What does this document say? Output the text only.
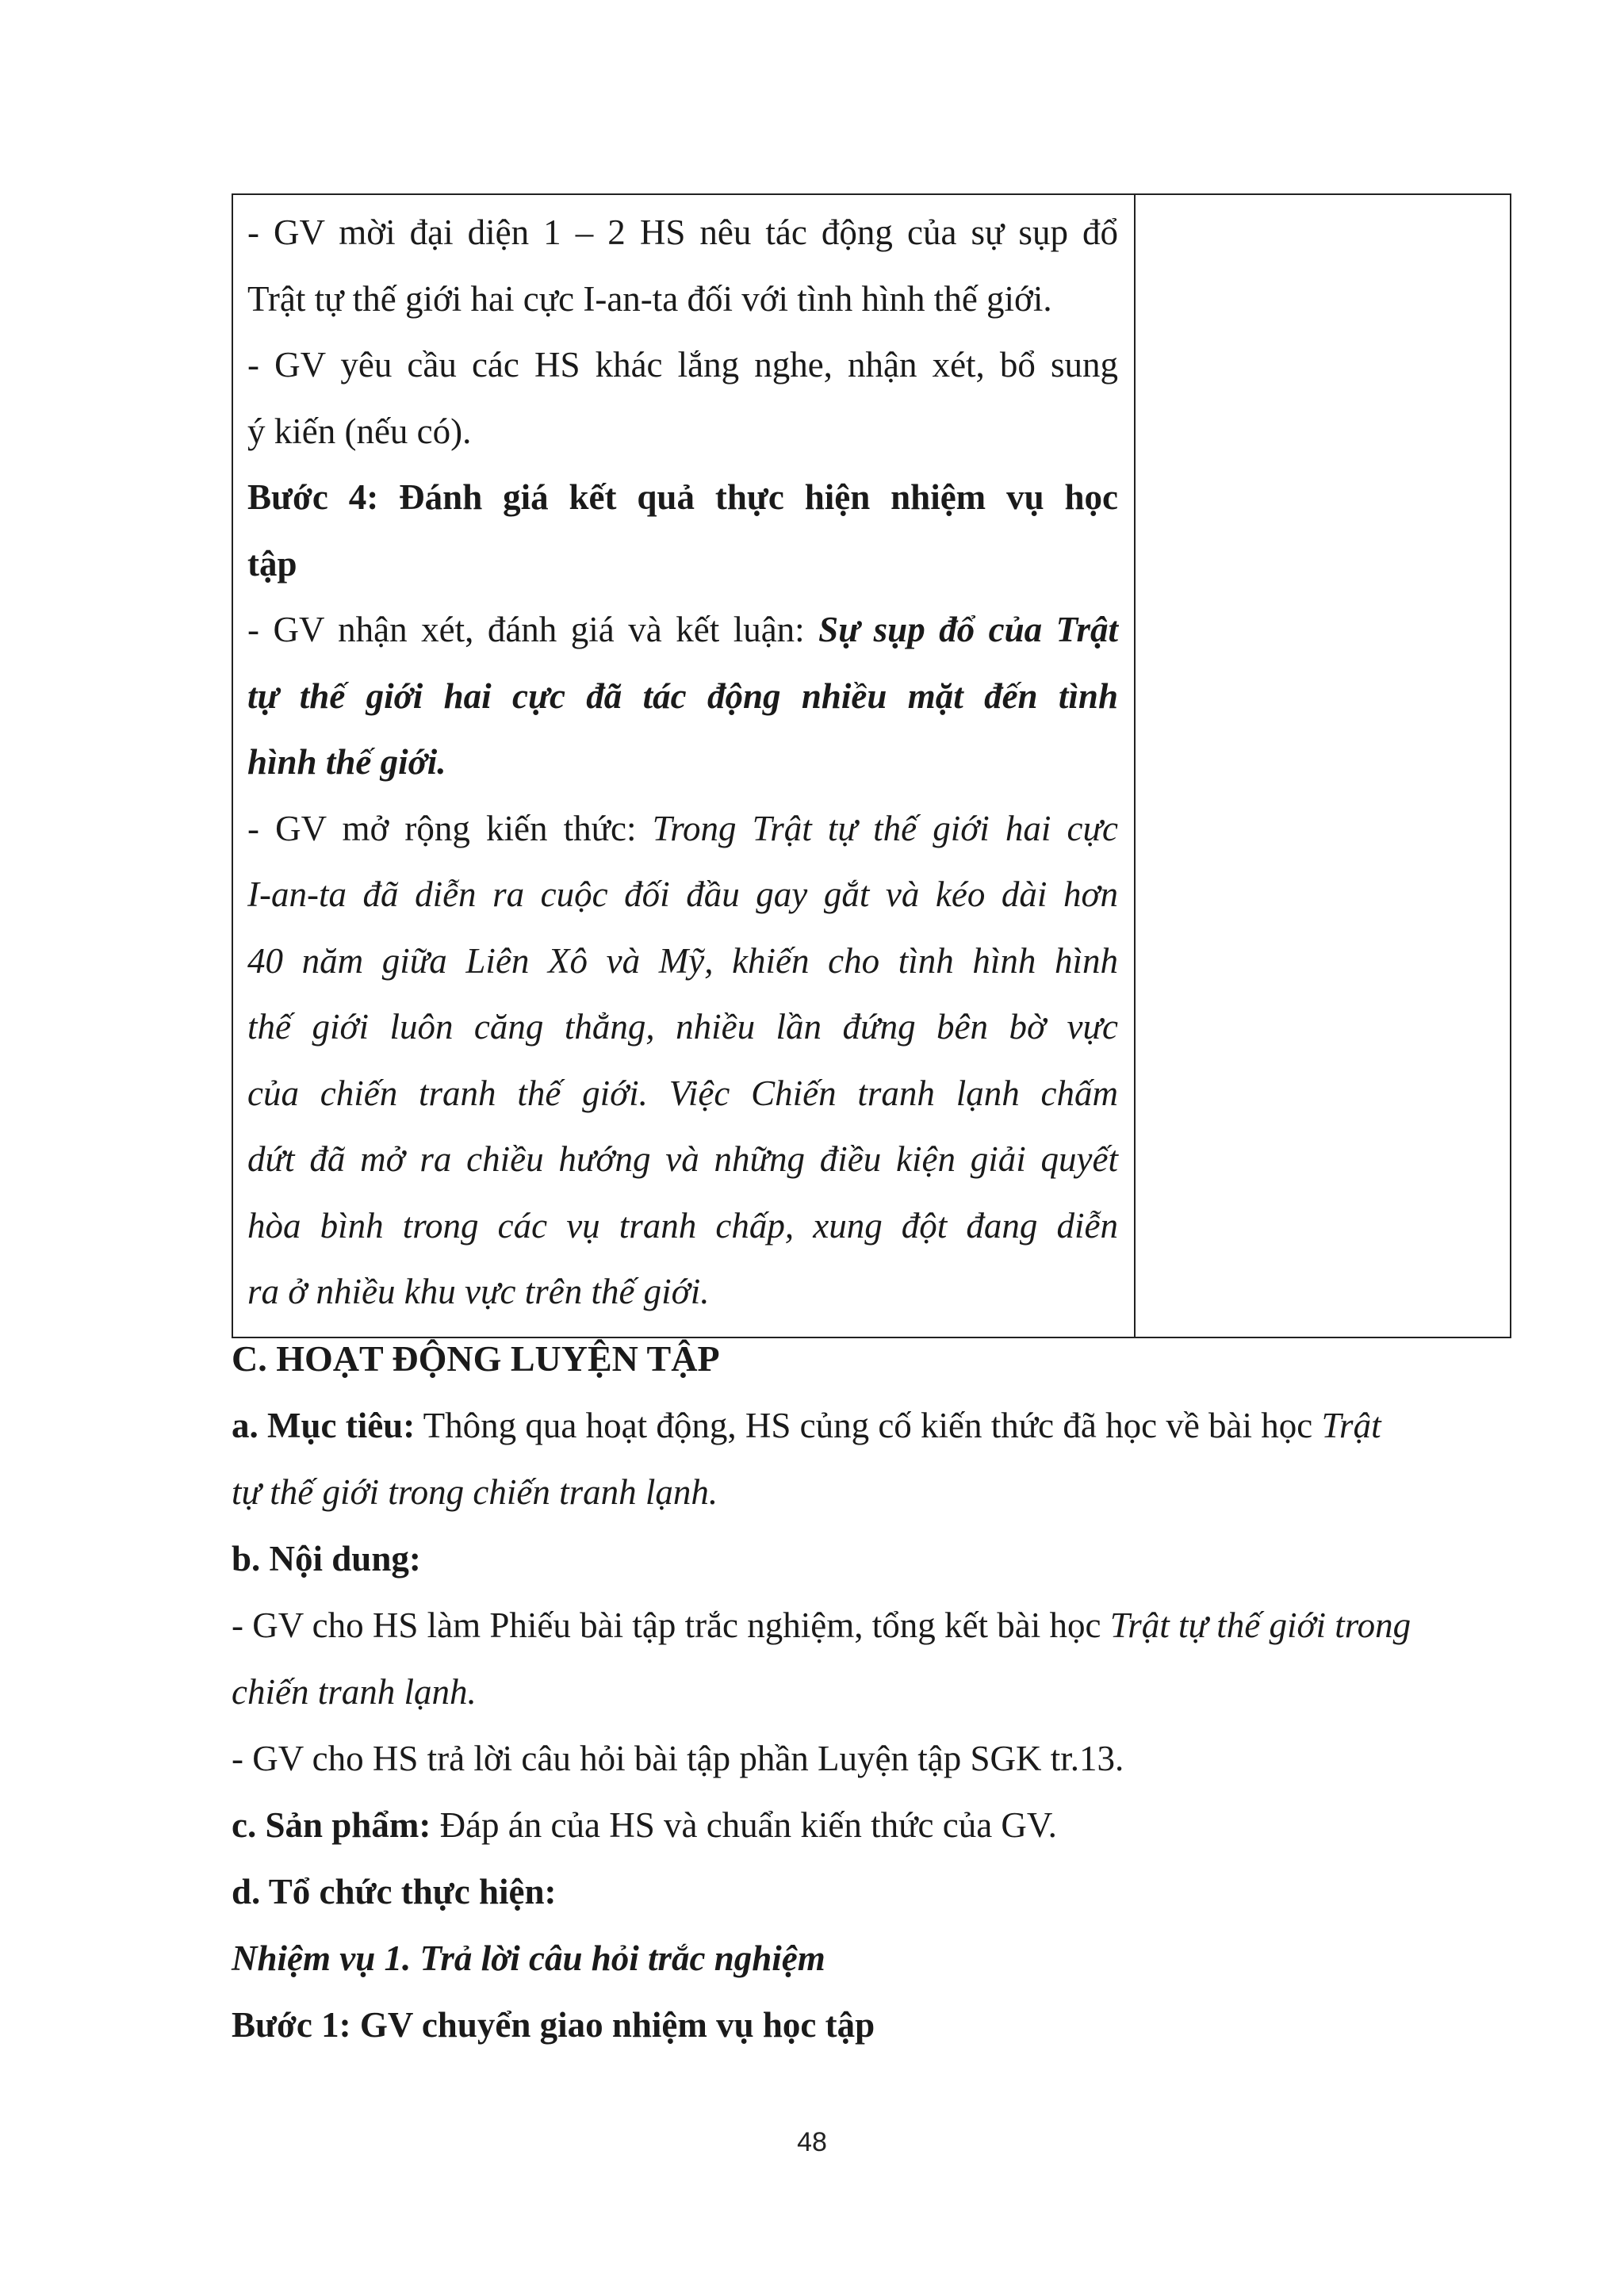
- GV mời đại diện 1 – 2 HS nêu tác động của sự sụp đổ
Trật tự thế giới hai cực I-an-ta đối với tình hình thế giới.
- GV yêu cầu các HS khác lắng nghe, nhận xét, bổ sung
ý kiến (nếu có).
Bước 4: Đánh giá kết quả thực hiện nhiệm vụ học
tập
- GV nhận xét, đánh giá và kết luận: Sự sụp đổ của Trật
tự thế giới hai cực đã tác động nhiều mặt đến tình
hình thế giới.
- GV mở rộng kiến thức: Trong Trật tự thế giới hai cực
I-an-ta đã diễn ra cuộc đối đầu gay gắt và kéo dài hơn
40 năm giữa Liên Xô và Mỹ, khiến cho tình hình hình
thế giới luôn căng thẳng, nhiều lần đứng bên bờ vực
của chiến tranh thế giới. Việc Chiến tranh lạnh chấm
dứt đã mở ra chiều hướng và những điều kiện giải quyết
hòa bình trong các vụ tranh chấp, xung đột đang diễn
ra ở nhiều khu vực trên thế giới.

C. HOẠT ĐỘNG LUYỆN TẬP
a. Mục tiêu: Thông qua hoạt động, HS củng cố kiến thức đã học về bài học Trật
tự thế giới trong chiến tranh lạnh.
b. Nội dung:
- GV cho HS làm Phiếu bài tập trắc nghiệm, tổng kết bài học Trật tự thế giới trong
chiến tranh lạnh.
- GV cho HS trả lời câu hỏi bài tập phần Luyện tập SGK tr.13.
c. Sản phẩm: Đáp án của HS và chuẩn kiến thức của GV.
d. Tổ chức thực hiện:
Nhiệm vụ 1. Trả lời câu hỏi trắc nghiệm
Bước 1: GV chuyển giao nhiệm vụ học tập
48
